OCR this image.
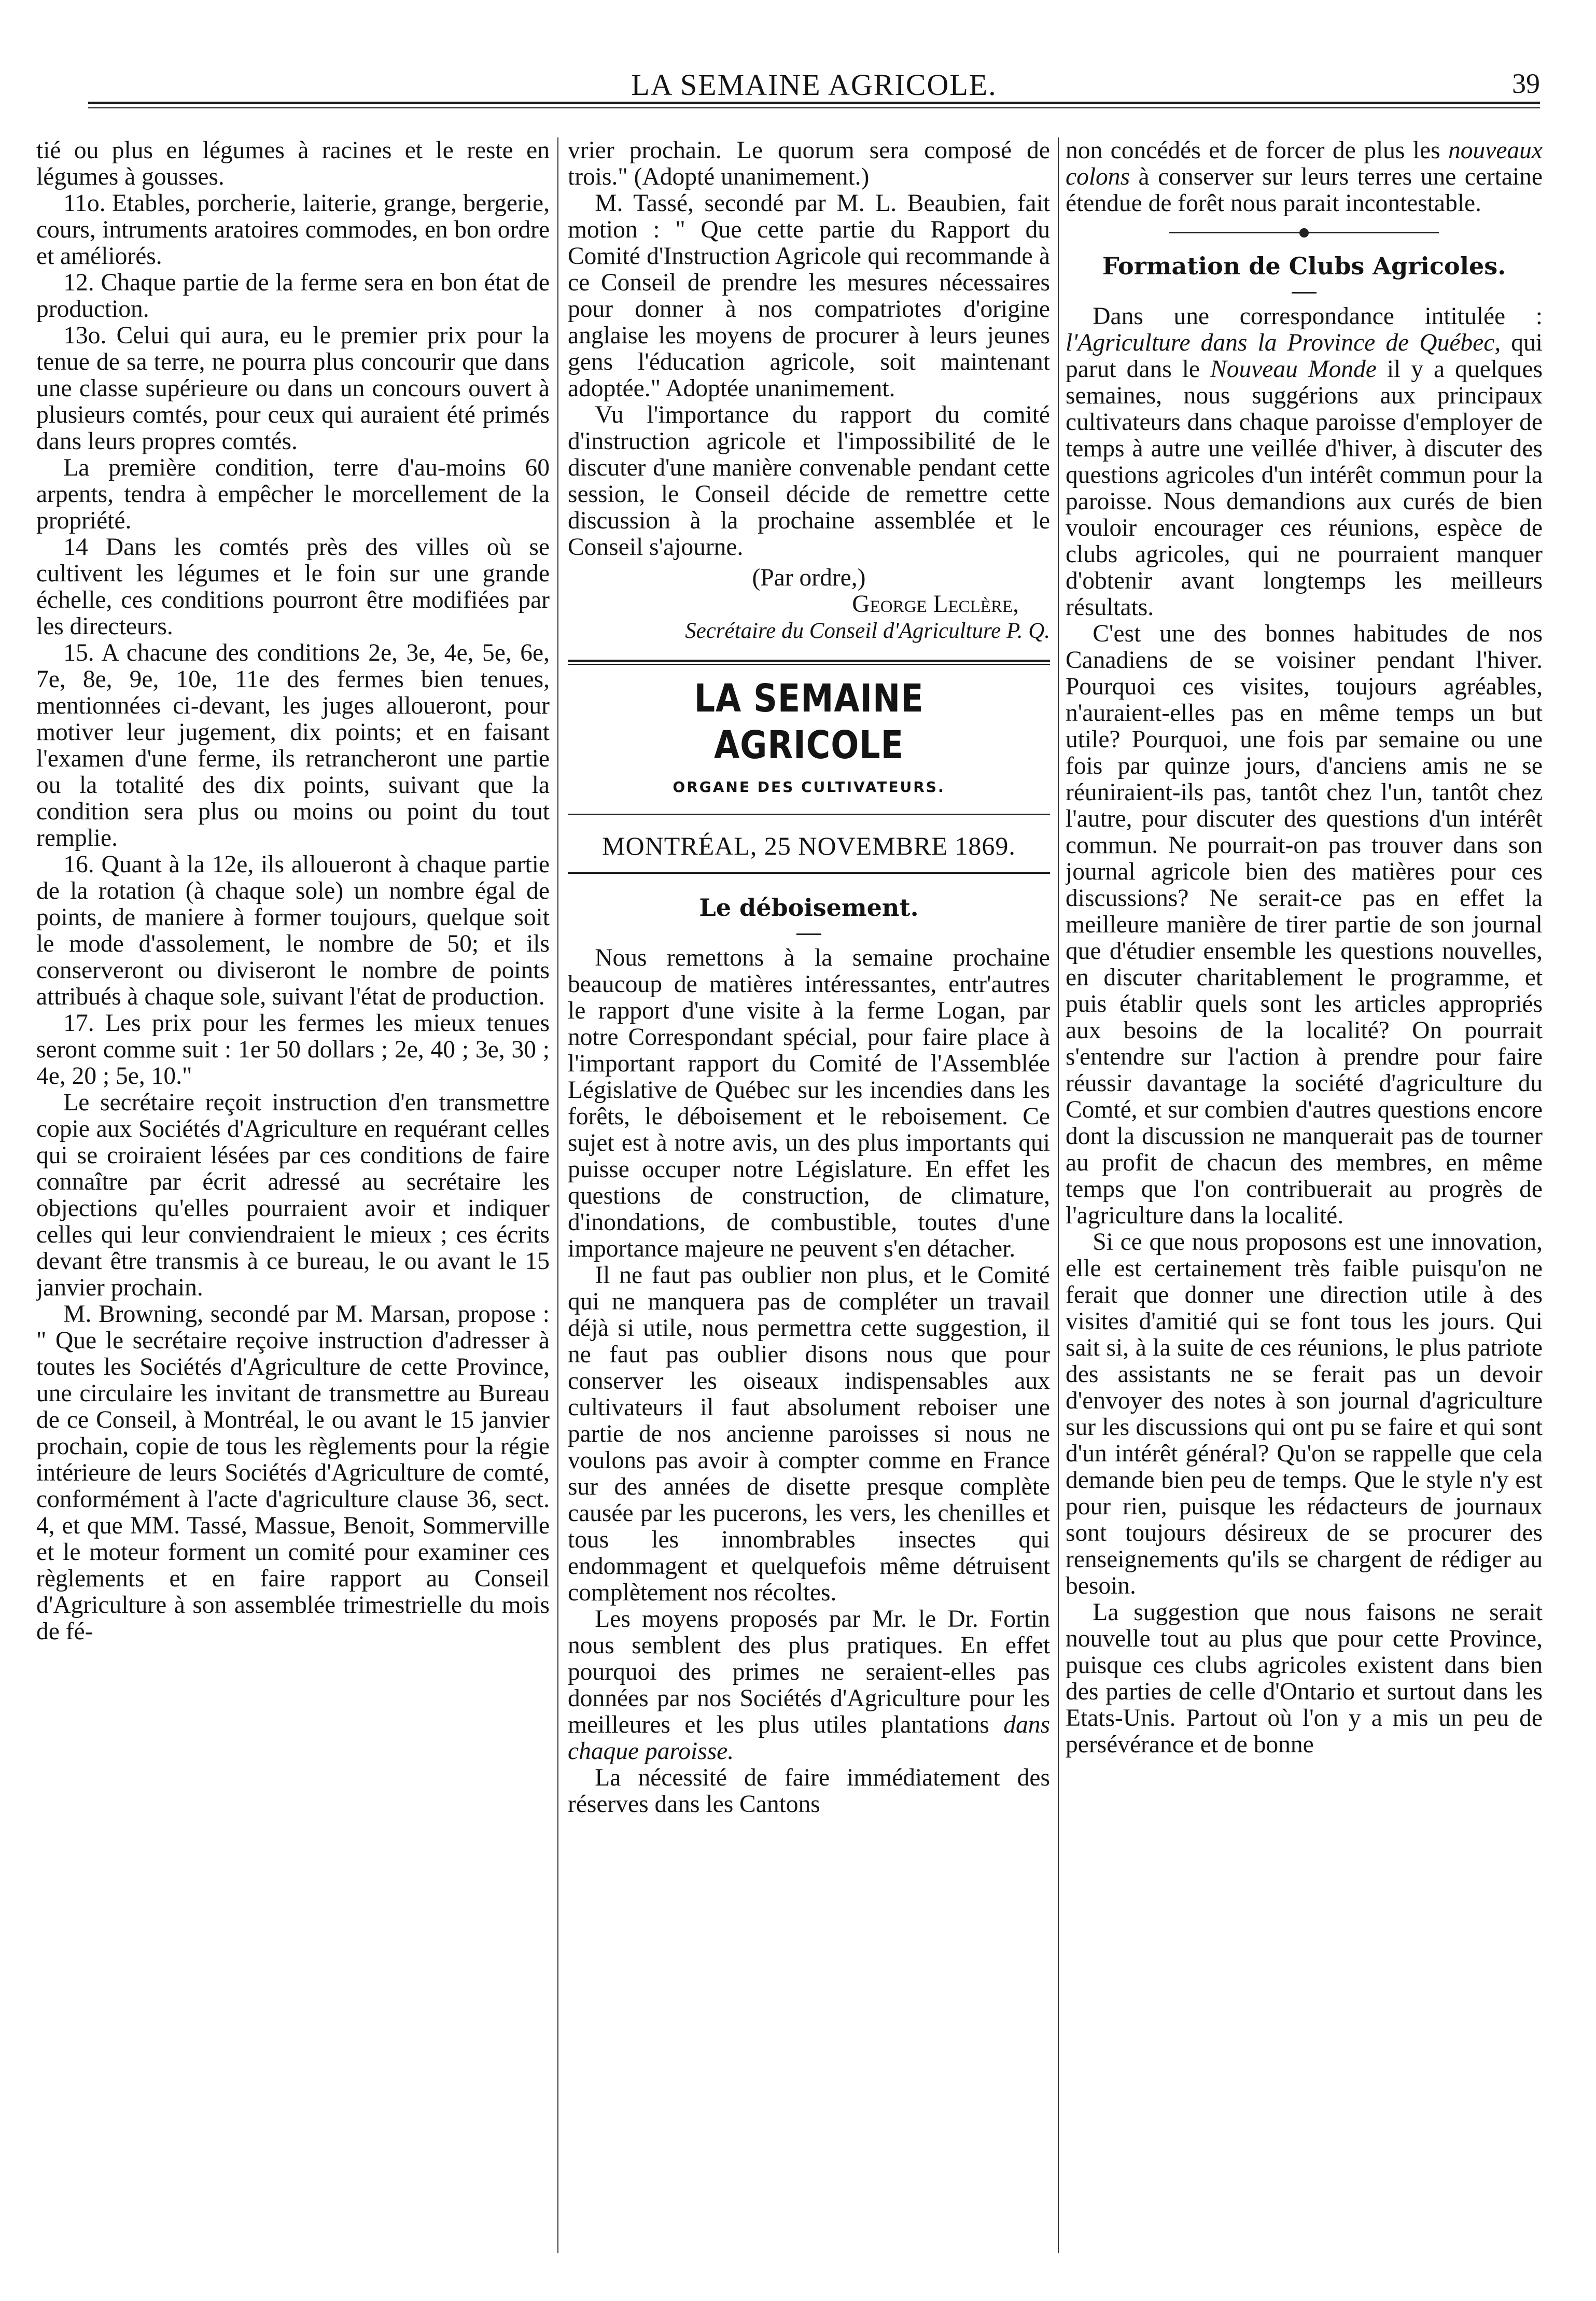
LA SEMAINE AGRICOLE.	39

tié ou plus en légumes à racines et le reste en légumes à gousses.

11o. Etables, porcherie, laiterie, grange, bergerie, cours, intruments aratoires commodes, en bon ordre et améliorés.

12. Chaque partie de la ferme sera en bon état de production.

13o. Celui qui aura, eu le premier prix pour la tenue de sa terre, ne pourra plus concourir que dans une classe supérieure ou dans un concours ouvert à plusieurs comtés, pour ceux qui auraient été primés dans leurs propres comtés.

La première condition, terre d'au-moins 60 arpents, tendra à empêcher le morcellement de la propriété.

14 Dans les comtés près des villes où se cultivent les légumes et le foin sur une grande échelle, ces conditions pourront être modifiées par les directeurs.

15. A chacune des conditions 2e, 3e, 4e, 5e, 6e, 7e, 8e, 9e, 10e, 11e des fermes bien tenues, mentionnées ci-devant, les juges alloueront, pour motiver leur jugement, dix points; et en faisant l'examen d'une ferme, ils retrancheront une partie ou la totalité des dix points, suivant que la condition sera plus ou moins ou point du tout remplie.

16. Quant à la 12e, ils alloueront à chaque partie de la rotation (à chaque sole) un nombre égal de points, de maniere à former toujours, quelque soit le mode d'assolement, le nombre de 50; et ils conserveront ou diviseront le nombre de points attribués à chaque sole, suivant l'état de production.

17. Les prix pour les fermes les mieux tenues seront comme suit : 1er 50 dollars ; 2e, 40 ; 3e, 30 ; 4e, 20 ; 5e, 10."

Le secrétaire reçoit instruction d'en transmettre copie aux Sociétés d'Agriculture en requérant celles qui se croiraient lésées par ces conditions de faire connaître par écrit adressé au secrétaire les objections qu'elles pourraient avoir et indiquer celles qui leur conviendraient le mieux ; ces écrits devant être transmis à ce bureau, le ou avant le 15 janvier prochain.

M. Browning, secondé par M. Marsan, propose : " Que le secrétaire reçoive instruction d'adresser à toutes les Sociétés d'Agriculture de cette Province, une circulaire les invitant de transmettre au Bureau de ce Conseil, à Montréal, le ou avant le 15 janvier prochain, copie de tous les règlements pour la régie intérieure de leurs Sociétés d'Agriculture de comté, conformément à l'acte d'agriculture clause 36, sect. 4, et que MM. Tassé, Massue, Benoit, Sommerville et le moteur forment un comité pour examiner ces règlements et en faire rapport au Conseil d'Agriculture à son assemblée trimestrielle du mois de fé-

vrier prochain. Le quorum sera composé de trois." (Adopté unanimement.)

M. Tassé, secondé par M. L. Beaubien, fait motion : " Que cette partie du Rapport du Comité d'Instruction Agricole qui recommande à ce Conseil de prendre les mesures nécessaires pour donner à nos compatriotes d'origine anglaise les moyens de procurer à leurs jeunes gens l'éducation agricole, soit maintenant adoptée." Adoptée unanimement.

Vu l'importance du rapport du comité d'instruction agricole et l'impossibilité de le discuter d'une manière convenable pendant cette session, le Conseil décide de remettre cette discussion à la prochaine assemblée et le Conseil s'ajourne.

(Par ordre,)

George Leclère,

Secrétaire du Conseil d'Agriculture P. Q.

LA SEMAINE AGRICOLE
ORGANE DES CULTIVATEURS.
MONTRÉAL, 25 NOVEMBRE 1869.
Le déboisement.

Nous remettons à la semaine prochaine beaucoup de matières intéressantes, entr'autres le rapport d'une visite à la ferme Logan, par notre Correspondant spécial, pour faire place à l'important rapport du Comité de l'Assemblée Législative de Québec sur les incendies dans les forêts, le déboisement et le reboisement. Ce sujet est à notre avis, un des plus importants qui puisse occuper notre Législature. En effet les questions de construction, de climature, d'inondations, de combustible, toutes d'une importance majeure ne peuvent s'en détacher.

Il ne faut pas oublier non plus, et le Comité qui ne manquera pas de compléter un travail déjà si utile, nous permettra cette suggestion, il ne faut pas oublier disons nous que pour conserver les oiseaux indispensables aux cultivateurs il faut absolument reboiser une partie de nos ancienne paroisses si nous ne voulons pas avoir à compter comme en France sur des années de disette presque complète causée par les pucerons, les vers, les chenilles et tous les innombrables insectes qui endommagent et quelquefois même détruisent complètement nos récoltes.

Les moyens proposés par Mr. le Dr. Fortin nous semblent des plus pratiques. En effet pourquoi des primes ne seraient-elles pas données par nos Sociétés d'Agriculture pour les meilleures et les plus utiles plantations dans chaque paroisse.

La nécessité de faire immédiatement des réserves dans les Cantons

non concédés et de forcer de plus les nouveaux colons à conserver sur leurs terres une certaine étendue de forêt nous parait incontestable.

Formation de Clubs Agricoles.

Dans une correspondance intitulée : l'Agriculture dans la Province de Québec, qui parut dans le Nouveau Monde il y a quelques semaines, nous suggérions aux principaux cultivateurs dans chaque paroisse d'employer de temps à autre une veillée d'hiver, à discuter des questions agricoles d'un intérêt commun pour la paroisse. Nous demandions aux curés de bien vouloir encourager ces réunions, espèce de clubs agricoles, qui ne pourraient manquer d'obtenir avant longtemps les meilleurs résultats.

C'est une des bonnes habitudes de nos Canadiens de se voisiner pendant l'hiver. Pourquoi ces visites, toujours agréables, n'auraient-elles pas en même temps un but utile? Pourquoi, une fois par semaine ou une fois par quinze jours, d'anciens amis ne se réuniraient-ils pas, tantôt chez l'un, tantôt chez l'autre, pour discuter des questions d'un intérêt commun. Ne pourrait-on pas trouver dans son journal agricole bien des matières pour ces discussions? Ne serait-ce pas en effet la meilleure manière de tirer partie de son journal que d'étudier ensemble les questions nouvelles, en discuter charitablement le programme, et puis établir quels sont les articles appropriés aux besoins de la localité? On pourrait s'entendre sur l'action à prendre pour faire réussir davantage la société d'agriculture du Comté, et sur combien d'autres questions encore dont la discussion ne manquerait pas de tourner au profit de chacun des membres, en même temps que l'on contribuerait au progrès de l'agriculture dans la localité.

Si ce que nous proposons est une innovation, elle est certainement très faible puisqu'on ne ferait que donner une direction utile à des visites d'amitié qui se font tous les jours. Qui sait si, à la suite de ces réunions, le plus patriote des assistants ne se ferait pas un devoir d'envoyer des notes à son journal d'agriculture sur les discussions qui ont pu se faire et qui sont d'un intérêt général? Qu'on se rappelle que cela demande bien peu de temps. Que le style n'y est pour rien, puisque les rédacteurs de journaux sont toujours désireux de se procurer des renseignements qu'ils se chargent de rédiger au besoin.

La suggestion que nous faisons ne serait nouvelle tout au plus que pour cette Province, puisque ces clubs agricoles existent dans bien des parties de celle d'Ontario et surtout dans les Etats-Unis. Partout où l'on y a mis un peu de persévérance et de bonne
